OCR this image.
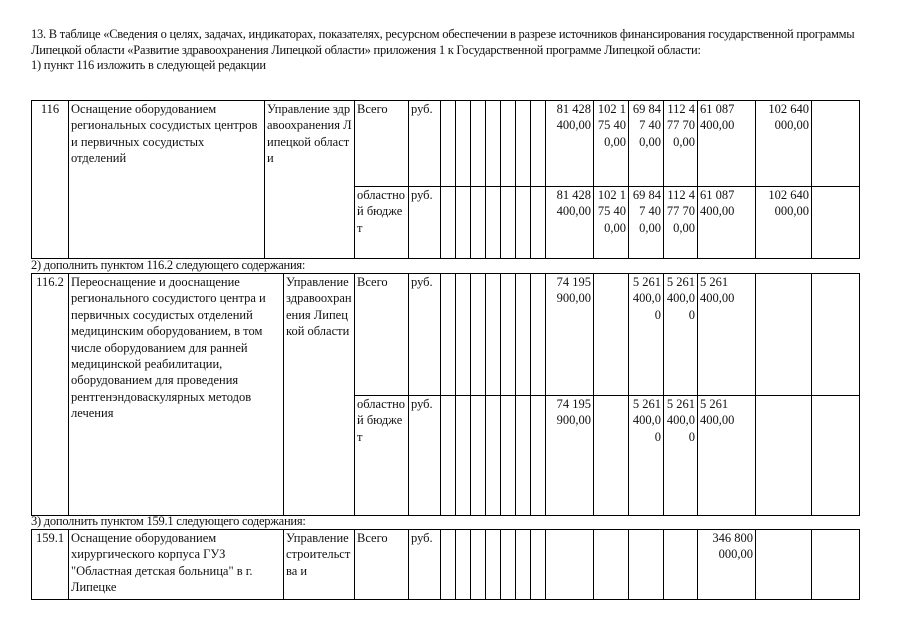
13. В таблице «Сведения о целях, задачах, индикаторах, показателях, ресурсном обеспечении в разрезе источников финансирования государственной программы Липецкой области «Развитие здравоохранения Липецкой области» приложения 1 к Государственной программе Липецкой области:

1) пункт 116 изложить в следующей редакции

116	Оснащение оборудованием региональных сосудистых центров и первичных сосудистых отделений	Управление здравоохранения Липецкой области	Всего	руб.								81 428 400,00	102 175 400,00	69 847 400,00	112 477 700,00	61 087 400,00	102 640 000,00	
			областной бюджет	руб.								81 428 400,00	102 175 400,00	69 847 400,00	112 477 700,00	61 087 400,00	102 640 000,00	
2) дополнить пунктом 116.2 следующего содержания:
116.2	Переоснащение и дооснащение регионального сосудистого центра и первичных сосудистых отделений медицинским оборудованием, в том числе оборудованием для ранней медицинской реабилитации, оборудованием для проведения рентгенэндоваскулярных методов лечения	Управление здравоохранения Липецкой области	Всего	руб.								74 195 900,00		5 261 400,00	5 261 400,00	5 261 400,00		
			областной бюджет	руб.								74 195 900,00		5 261 400,00	5 261 400,00	5 261 400,00		
3) дополнить пунктом 159.1 следующего содержания:
159.1	Оснащение оборудованием хирургического корпуса ГУЗ "Областная детская больница" в г. Липецке	Управление строительства и	Всего	руб.												346 800 000,00		
